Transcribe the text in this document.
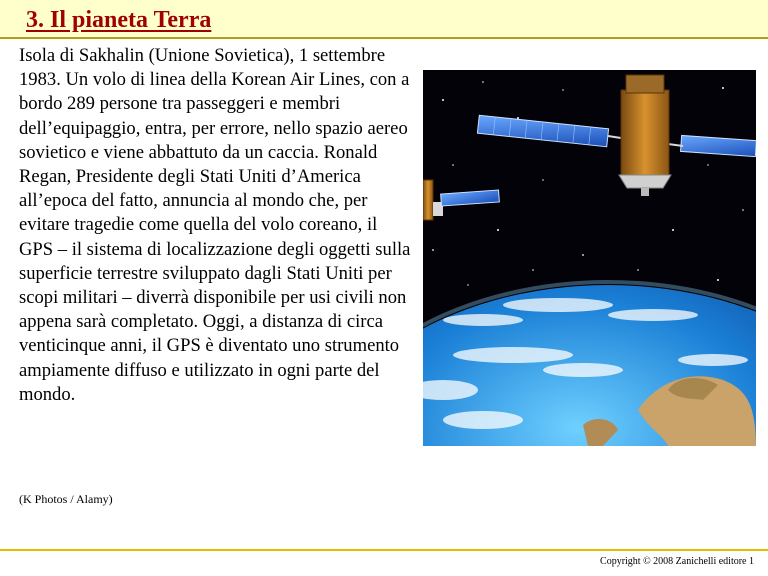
3. Il pianeta Terra

Isola di Sakhalin (Unione Sovietica), 1 settembre 1983. Un volo di linea della Korean Air Lines, con a bordo 289 persone tra passeggeri e membri dell’equipaggio, entra, per errore, nello spazio aereo sovietico e viene abbattuto da un caccia. Ronald Regan, Presidente degli Stati Uniti d’America all’epoca del fatto, annuncia al mondo che, per evitare tragedie come quella del volo coreano, il GPS – il sistema di localizzazione degli oggetti sulla superficie terrestre sviluppato dagli Stati Uniti per scopi militari – diverrà disponibile per usi civili non appena sarà completato. Oggi, a distanza di circa venticinque anni, il GPS è diventato uno strumento ampiamente diffuso e utilizzato in ogni parte del mondo.

(K Photos / Alamy)
Copyright © 2008 Zanichelli editore 1
